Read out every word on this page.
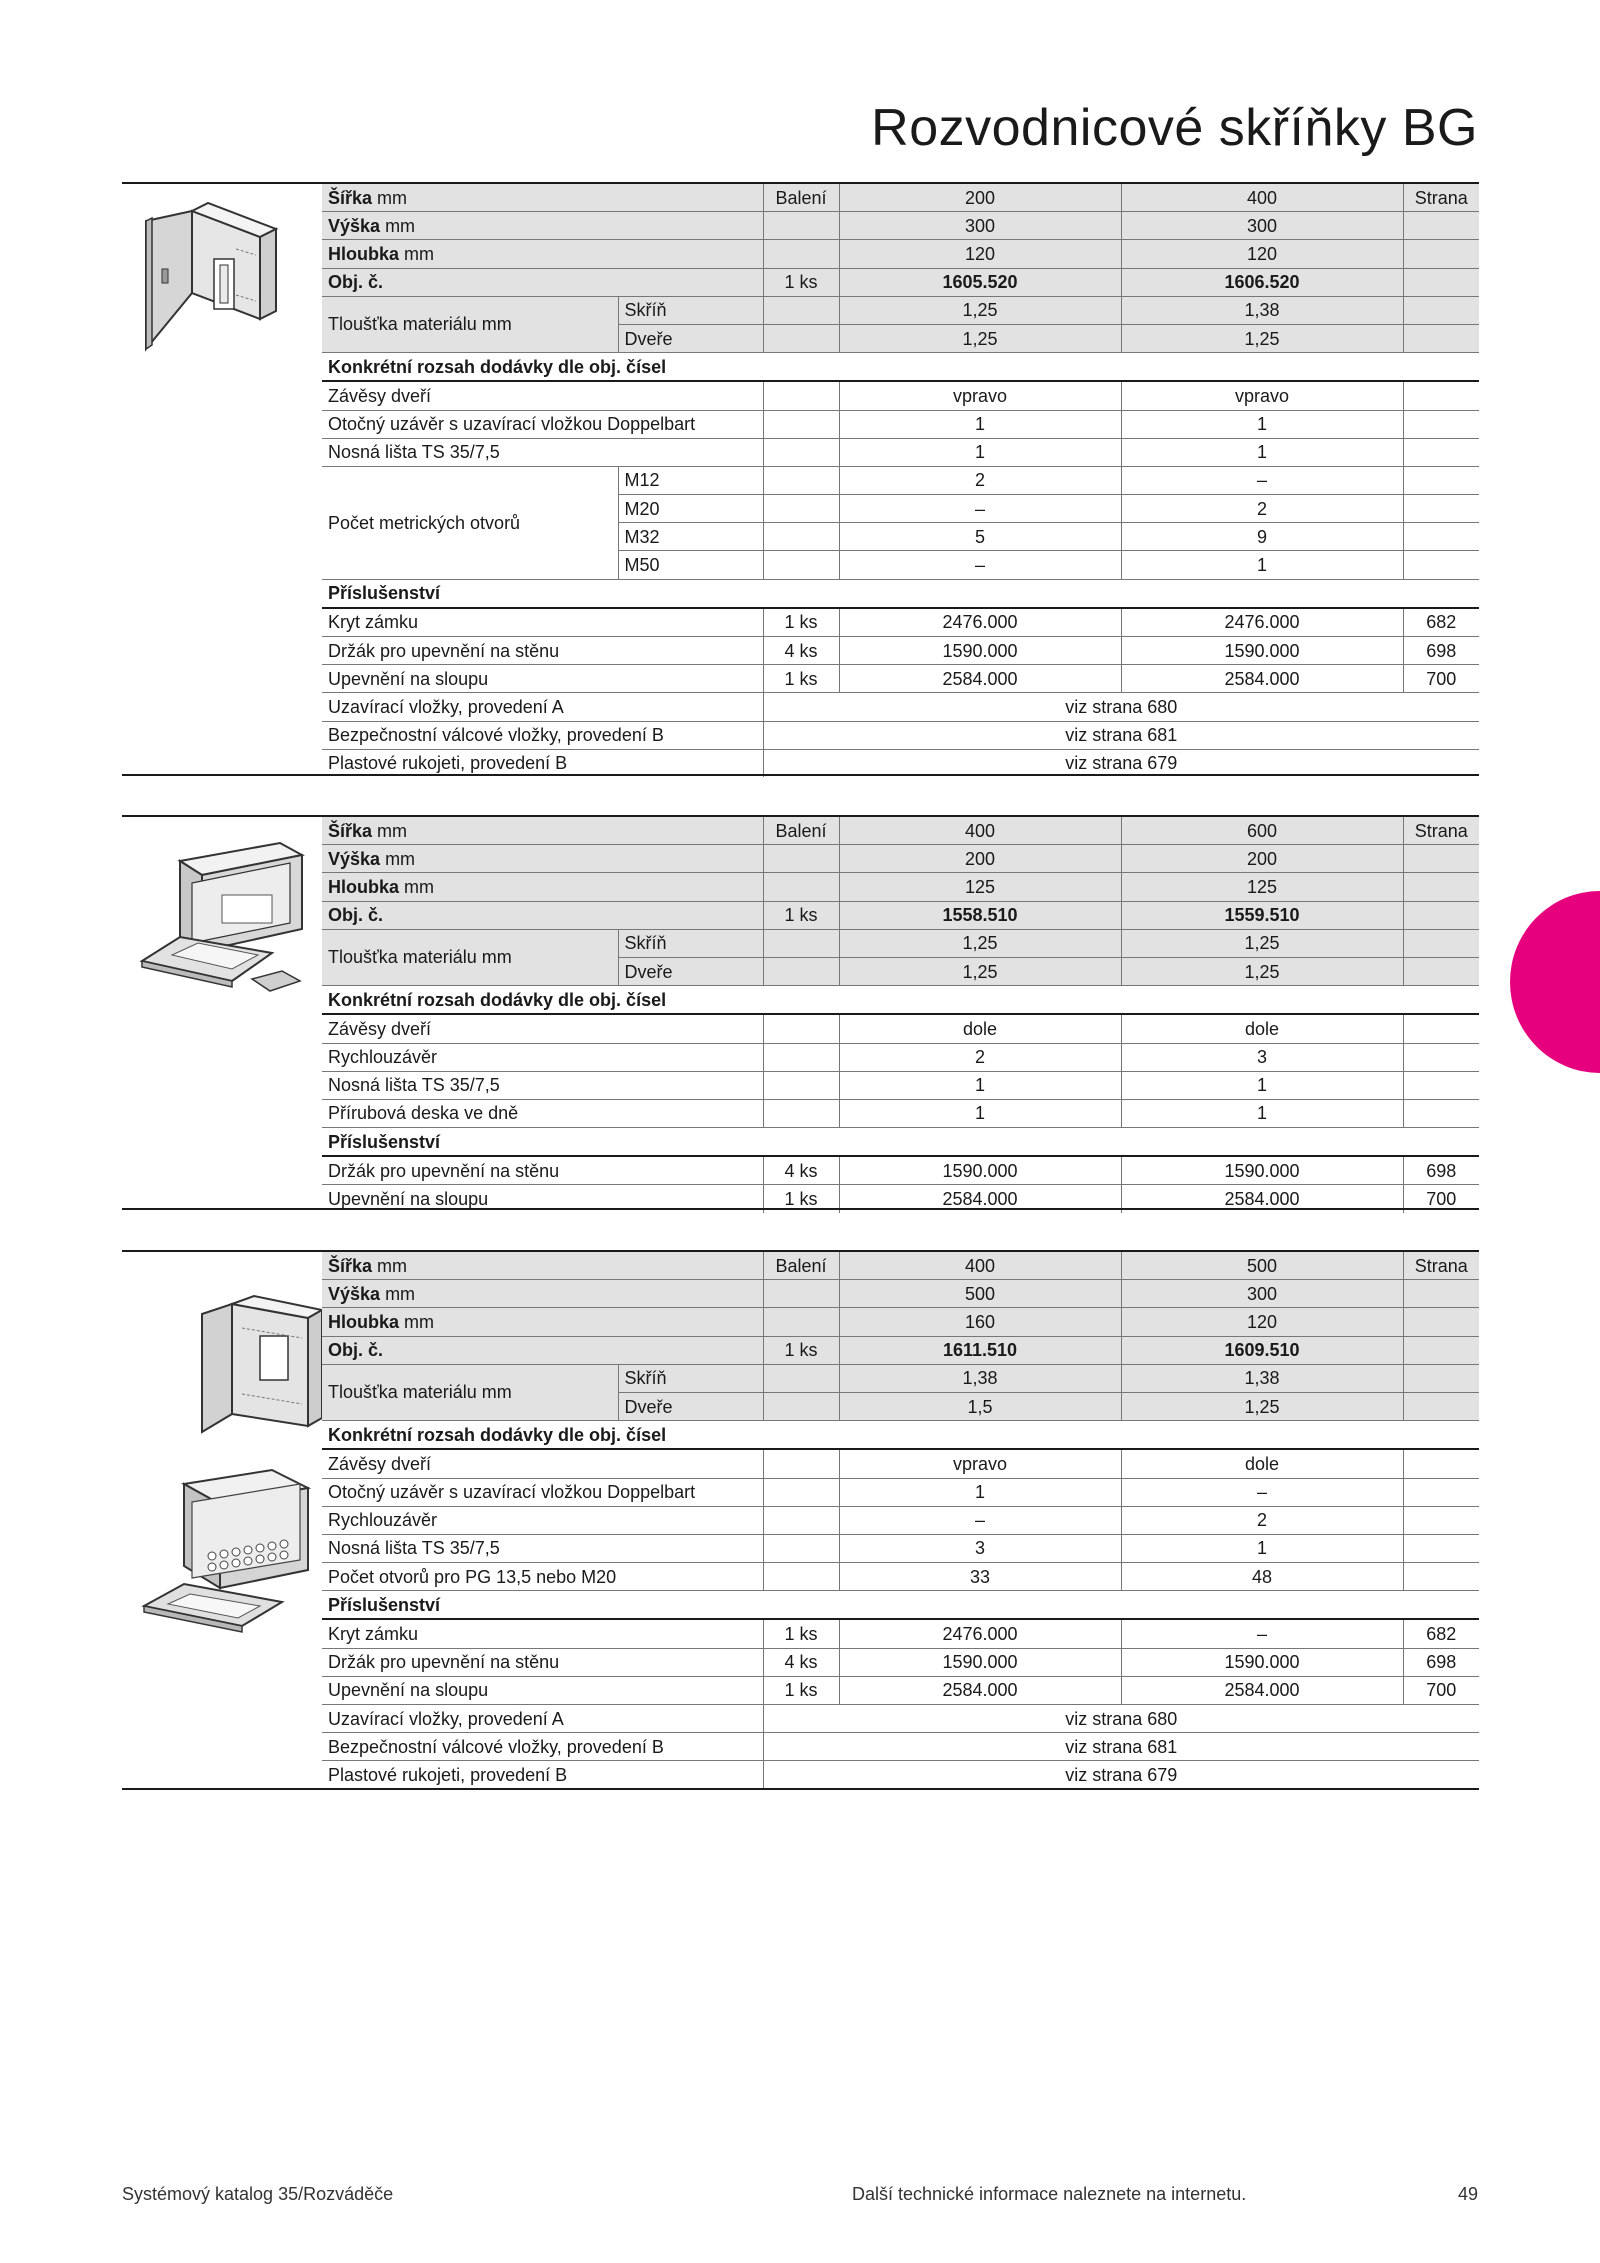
Rozvodnicové skříňky BG
Šířka mm		Balení	200	400	Strana
Výška mm			300	300	
Hloubka mm			120	120	
Obj. č.		1 ks	1605.520	1606.520	
Tloušťka materiálu mm	Skříň		1,25	1,38	
	Dveře		1,25	1,25	
Konkrétní rozsah dodávky dle obj. čísel					
Závěsy dveří			vpravo	vpravo	
Otočný uzávěr s uzavírací vložkou Doppelbart			1	1	
Nosná lišta TS 35/7,5			1	1	
Počet metrických otvorů	M12		2	–	
	M20		–	2	
	M32		5	9	
	M50		–	1	
Příslušenství					
Kryt zámku		1 ks	2476.000	2476.000	682
Držák pro upevnění na stěnu		4 ks	1590.000	1590.000	698
Upevnění na sloupu		1 ks	2584.000	2584.000	700
Uzavírací vložky, provedení A		viz strana 680			
Bezpečnostní válcové vložky, provedení B		viz strana 681			
Plastové rukojeti, provedení B		viz strana 679			
Šířka mm		Balení	400	600	Strana
Výška mm			200	200	
Hloubka mm			125	125	
Obj. č.		1 ks	1558.510	1559.510	
Tloušťka materiálu mm	Skříň		1,25	1,25	
	Dveře		1,25	1,25	
Konkrétní rozsah dodávky dle obj. čísel					
Závěsy dveří			dole	dole	
Rychlouzávěr			2	3	
Nosná lišta TS 35/7,5			1	1	
Přírubová deska ve dně			1	1	
Příslušenství					
Držák pro upevnění na stěnu		4 ks	1590.000	1590.000	698
Upevnění na sloupu		1 ks	2584.000	2584.000	700
Šířka mm		Balení	400	500	Strana
Výška mm			500	300	
Hloubka mm			160	120	
Obj. č.		1 ks	1611.510	1609.510	
Tloušťka materiálu mm	Skříň		1,38	1,38	
	Dveře		1,5	1,25	
Konkrétní rozsah dodávky dle obj. čísel					
Závěsy dveří			vpravo	dole	
Otočný uzávěr s uzavírací vložkou Doppelbart			1	–	
Rychlouzávěr			–	2	
Nosná lišta TS 35/7,5			3	1	
Počet otvorů pro PG 13,5 nebo M20			33	48	
Příslušenství					
Kryt zámku		1 ks	2476.000	–	682
Držák pro upevnění na stěnu		4 ks	1590.000	1590.000	698
Upevnění na sloupu		1 ks	2584.000	2584.000	700
Uzavírací vložky, provedení A		viz strana 680			
Bezpečnostní válcové vložky, provedení B		viz strana 681			
Plastové rukojeti, provedení B		viz strana 679			
Systémový katalog 35/Rozváděče	Další technické informace naleznete na internetu.	49
